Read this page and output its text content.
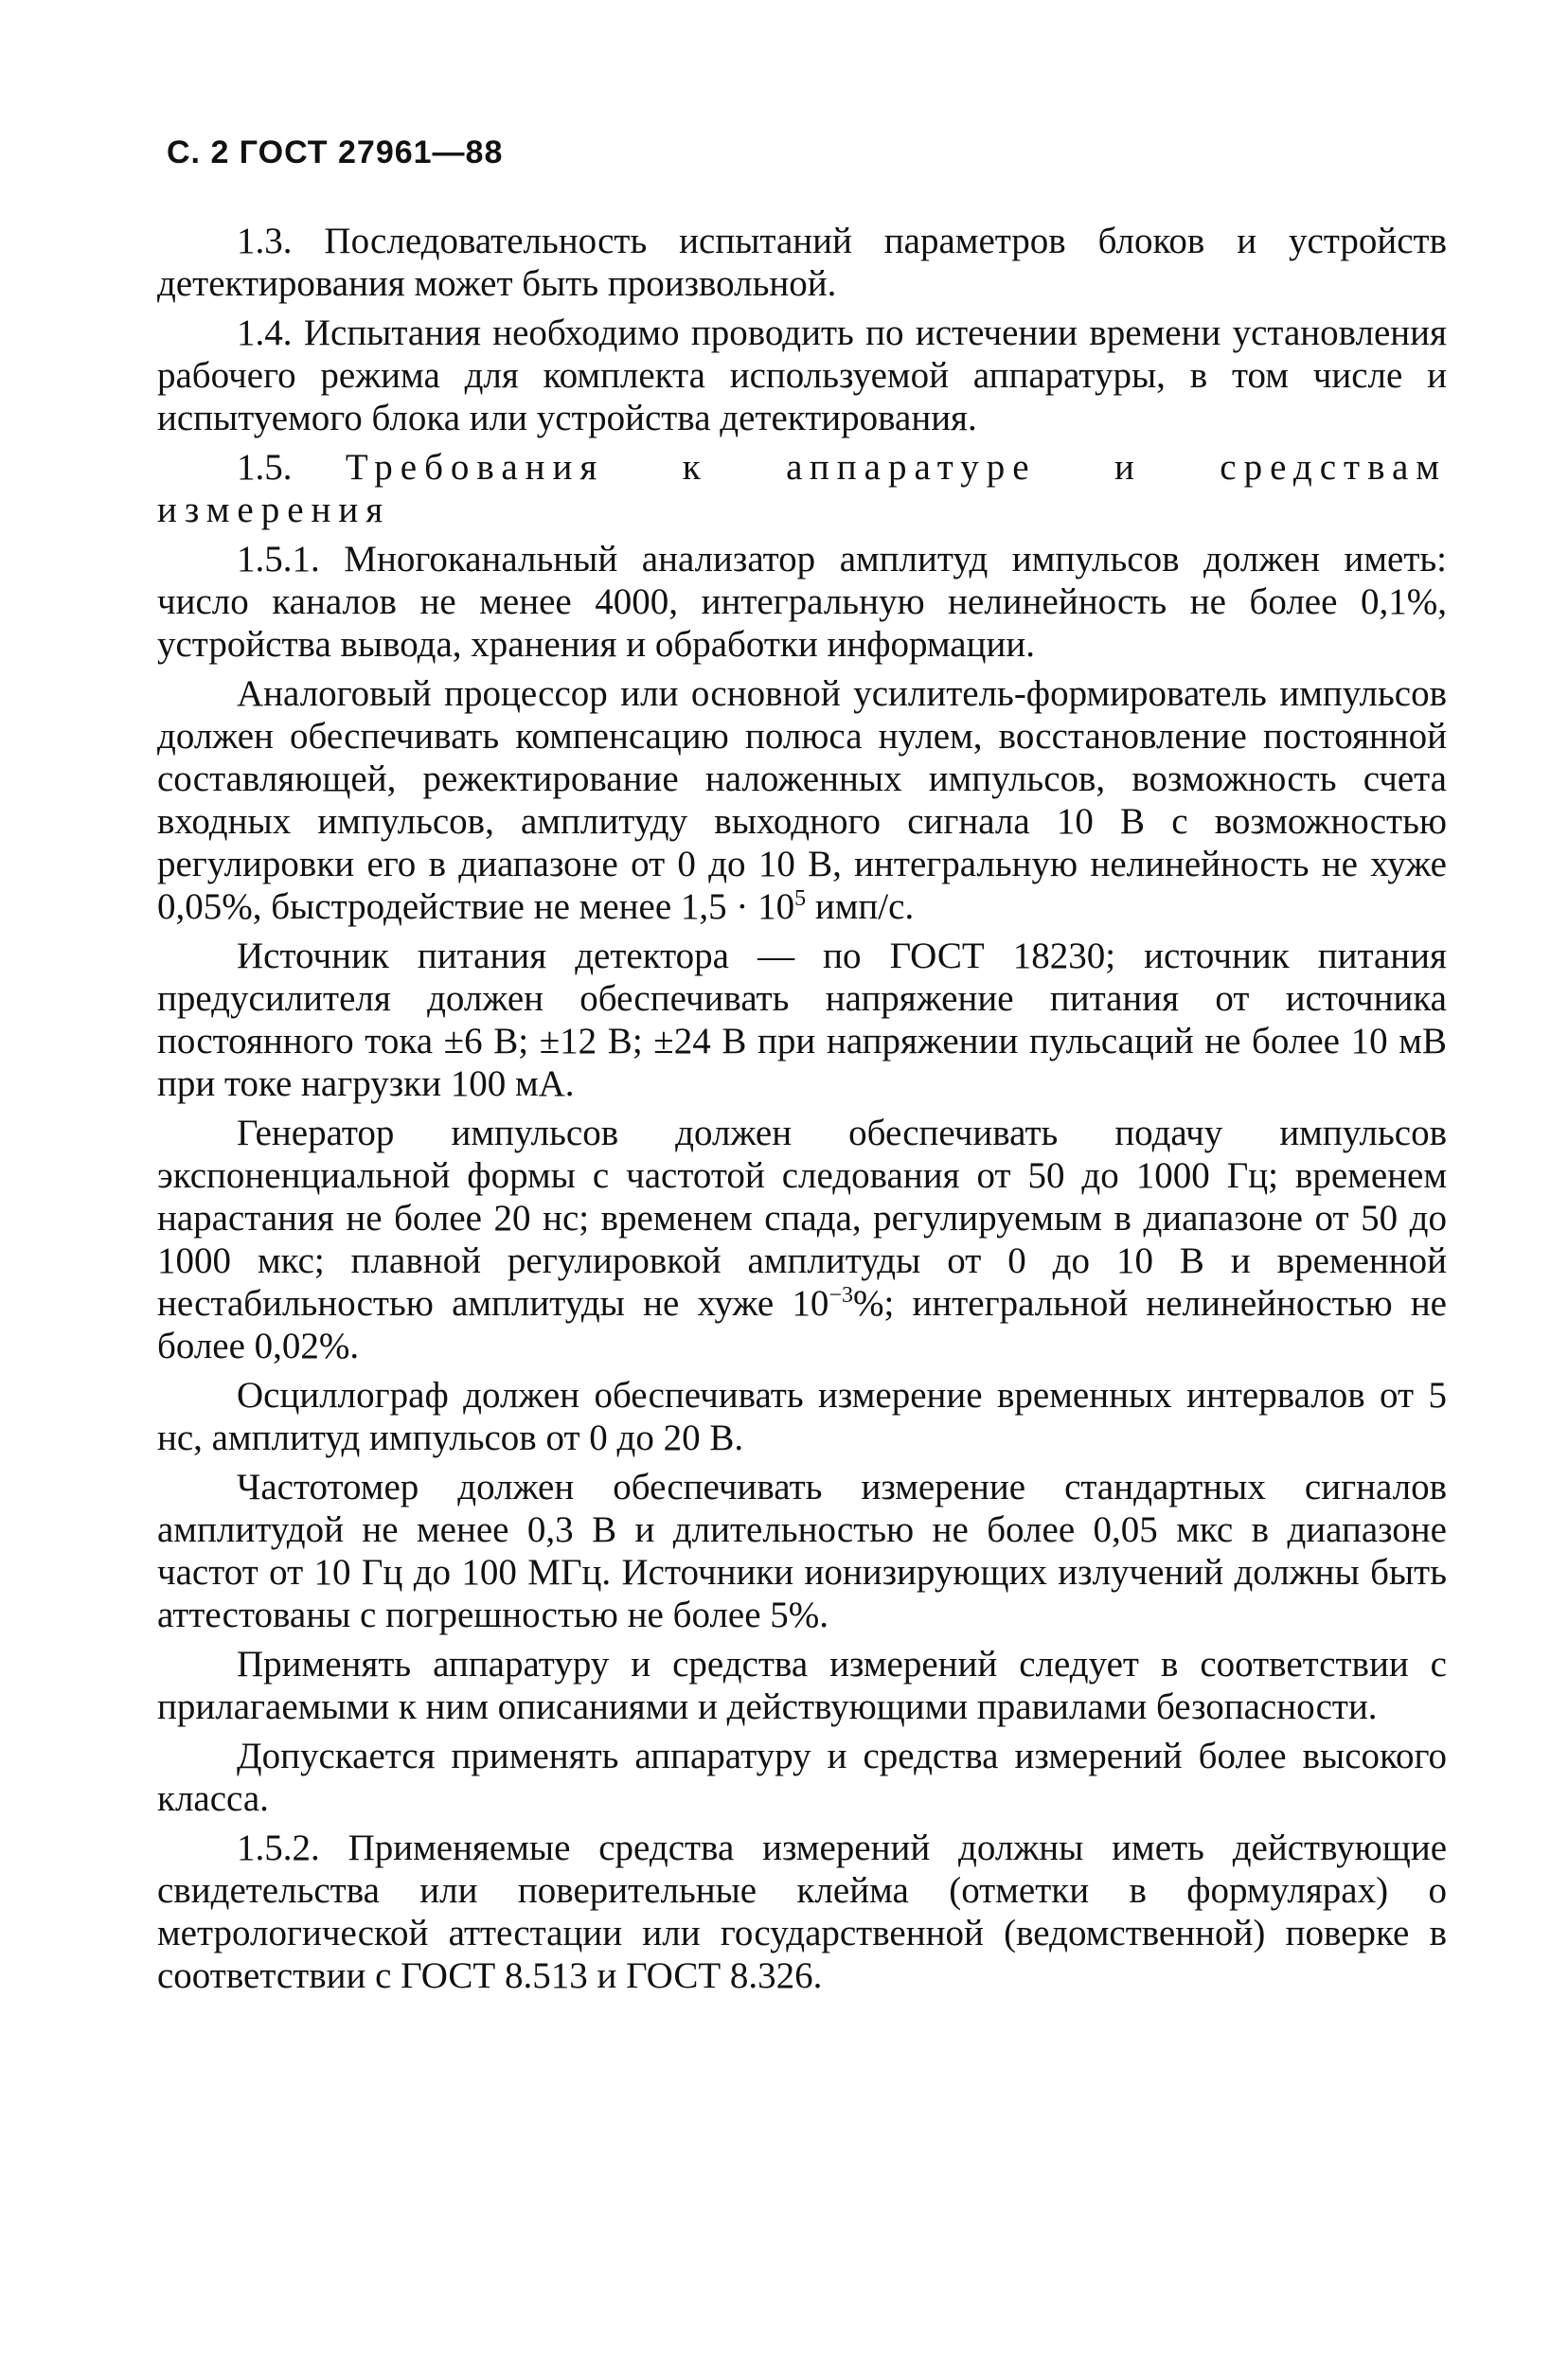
С. 2 ГОСТ 27961—88

1.3. Последовательность испытаний параметров блоков и устройств детектирования может быть произвольной.

1.4. Испытания необходимо проводить по истечении времени установления рабочего режима для комплекта используемой аппаратуры, в том числе и испытуемого блока или устройства детектирования.

1.5. Требования к аппаратуре и средствам измерения

1.5.1. Многоканальный анализатор амплитуд импульсов должен иметь: число каналов не менее 4000, интегральную нелинейность не более 0,1%, устройства вывода, хранения и обработки информации.

Аналоговый процессор или основной усилитель-формирователь импульсов должен обеспечивать компенсацию полюса нулем, восстановление постоянной составляющей, режектирование наложенных импульсов, возможность счета входных импульсов, амплитуду выходного сигнала 10 В с возможностью регулировки его в диапазоне от 0 до 10 В, интегральную нелинейность не хуже 0,05%, быстродействие не менее $1,5 \cdot 10^5$ имп/с.

Источник питания детектора — по ГОСТ 18230; источник питания предусилителя должен обеспечивать напряжение питания от источника постоянного тока ±6 В; ±12 В; ±24 В при напряжении пульсаций не более 10 мВ при токе нагрузки 100 мА.

Генератор импульсов должен обеспечивать подачу импульсов экспоненциальной формы с частотой следования от 50 до 1000 Гц; временем нарастания не более 20 нс; временем спада, регулируемым в диапазоне от 50 до 1000 мкс; плавной регулировкой амплитуды от 0 до 10 В и временной нестабильностью амплитуды не хуже $10^{-3}\%$; интегральной нелинейностью не более 0,02%.

Осциллограф должен обеспечивать измерение временных интервалов от 5 нс, амплитуд импульсов от 0 до 20 В.

Частотомер должен обеспечивать измерение стандартных сигналов амплитудой не менее 0,3 В и длительностью не более 0,05 мкс в диапазоне частот от 10 Гц до 100 МГц. Источники ионизирующих излучений должны быть аттестованы с погрешностью не более 5%.

Применять аппаратуру и средства измерений следует в соответствии с прилагаемыми к ним описаниями и действующими правилами безопасности.

Допускается применять аппаратуру и средства измерений более высокого класса.

1.5.2. Применяемые средства измерений должны иметь действующие свидетельства или поверительные клейма (отметки в формулярах) о метрологической аттестации или государственной (ведомственной) поверке в соответствии с ГОСТ 8.513 и ГОСТ 8.326.
